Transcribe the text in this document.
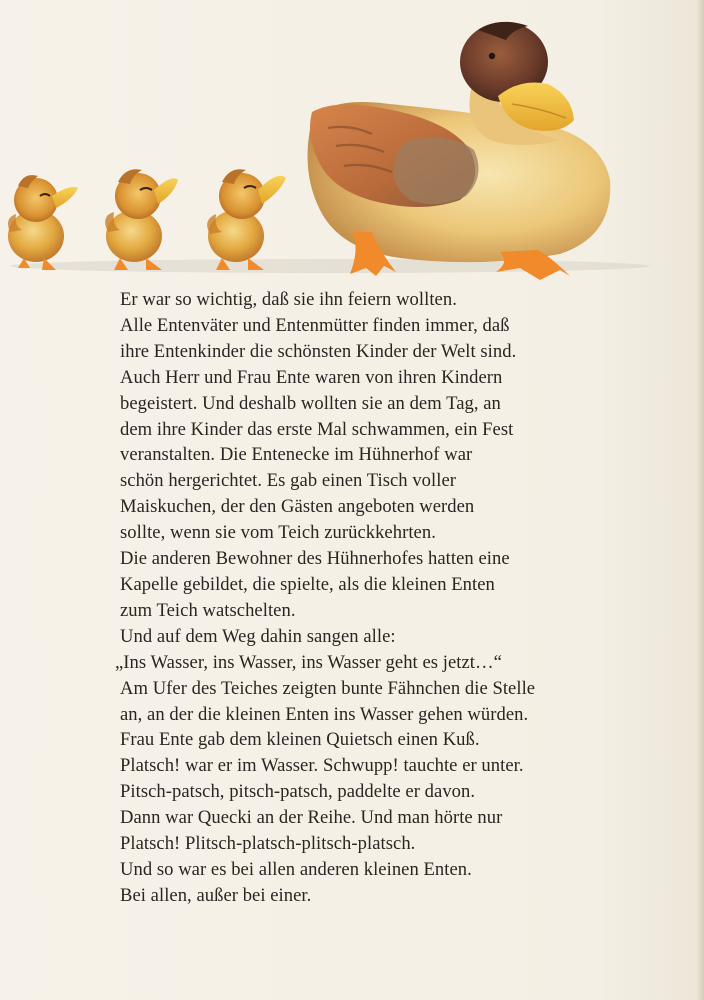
Er war so wichtig, daß sie ihn feiern wollten.
Alle Entenväter und Entenmütter finden immer, daß
ihre Entenkinder die schönsten Kinder der Welt sind.
Auch Herr und Frau Ente waren von ihren Kindern
begeistert. Und deshalb wollten sie an dem Tag, an
dem ihre Kinder das erste Mal schwammen, ein Fest
veranstalten. Die Entenecke im Hühnerhof war
schön hergerichtet. Es gab einen Tisch voller
Maiskuchen, der den Gästen angeboten werden
sollte, wenn sie vom Teich zurückkehrten.
Die anderen Bewohner des Hühnerhofes hatten eine
Kapelle gebildet, die spielte, als die kleinen Enten
zum Teich watschelten.
Und auf dem Weg dahin sangen alle:
„Ins Wasser, ins Wasser, ins Wasser geht es jetzt…“
Am Ufer des Teiches zeigten bunte Fähnchen die Stelle
an, an der die kleinen Enten ins Wasser gehen würden.
Frau Ente gab dem kleinen Quietsch einen Kuß.
Platsch! war er im Wasser. Schwupp! tauchte er unter.
Pitsch-patsch, pitsch-patsch, paddelte er davon.
Dann war Quecki an der Reihe. Und man hörte nur
Platsch! Plitsch-platsch-plitsch-platsch.
Und so war es bei allen anderen kleinen Enten.
Bei allen, außer bei einer.
